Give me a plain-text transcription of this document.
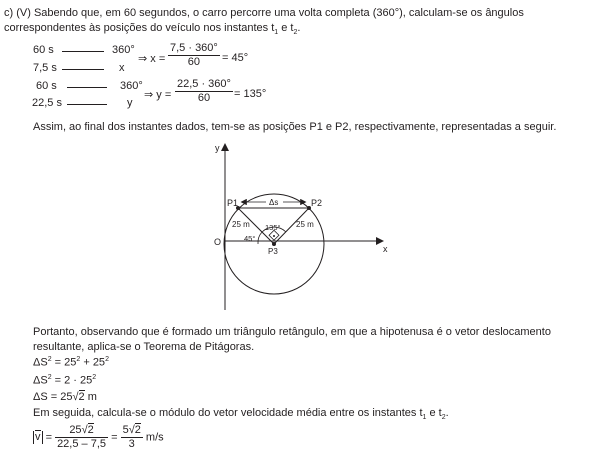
c) (V) Sabendo que, em 60 segundos, o carro percorre uma volta completa (360°), calculam-se os ângulos correspondentes às posições do veículo nos instantes $t_1$ e $t_2$.
60 s	360°
7,5 s	x
⇒ $x = \frac{7,5 \cdot 360^\circ}{60} = 45^\circ$
60 s	360°
22,5 s	y
⇒ $y = \frac{22,5 \cdot 360^\circ}{60} = 135^\circ$
Assim, ao final dos instantes dados, tem-se as posições P1 e P2, respectivamente, representadas a seguir.
y
x
O
P1	P2
P3
Δs
25 m	25 m
135°
45°
Portanto, observando que é formado um triângulo retângulo, em que a hipotenusa é o vetor deslocamento resultante, aplica-se o Teorema de Pitágoras.
$\Delta S^2 = 25^2 + 25^2$
$\Delta S^2 = 2 \cdot 25^2$
ΔS = 25√2 m
Em seguida, calcula-se o módulo do vetor velocidade média entre os instantes $t_1$ e $t_2$.
$v = \frac{25√2}{22,5 - 7,5} = \frac{5√2}{3} m/s$
